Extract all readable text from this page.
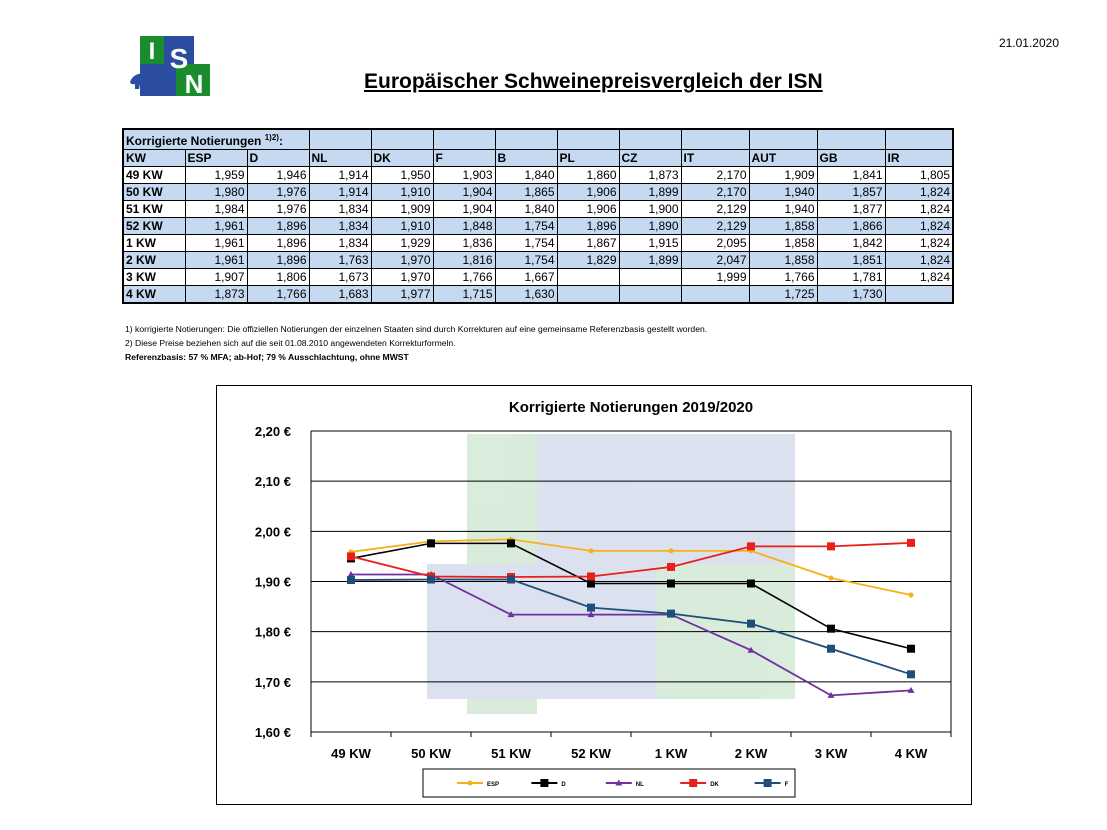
21.01.2020
I S
N	Europäischer Schweinepreisvergleich der ISN
Korrigierte Notierungen $^{1)2)}$:												
KW	ESP	D	NL	DK	F	B	PL	CZ	IT	AUT	GB	IR
49 KW	1,959	1,946	1,914	1,950	1,903	1,840	1,860	1,873	2,170	1,909	1,841	1,805
50 KW	1,980	1,976	1,914	1,910	1,904	1,865	1,906	1,899	2,170	1,940	1,857	1,824
51 KW	1,984	1,976	1,834	1,909	1,904	1,840	1,906	1,900	2,129	1,940	1,877	1,824
52 KW	1,961	1,896	1,834	1,910	1,848	1,754	1,896	1,890	2,129	1,858	1,866	1,824
1 KW	1,961	1,896	1,834	1,929	1,836	1,754	1,867	1,915	2,095	1,858	1,842	1,824
2 KW	1,961	1,896	1,763	1,970	1,816	1,754	1,829	1,899	2,047	1,858	1,851	1,824
3 KW	1,907	1,806	1,673	1,970	1,766	1,667			1,999	1,766	1,781	1,824
4 KW	1,873	1,766	1,683	1,977	1,715	1,630				1,725	1,730	
1) korrigierte Notierungen: Die offiziellen Notierungen der einzelnen Staaten sind durch Korrekturen auf eine gemeinsame Referenzbasis gestellt worden.
2) Diese Preise beziehen sich auf die seit 01.08.2010 angewendeten Korrekturformeln.
Referenzbasis: 57 % MFA; ab-Hof; 79 % Ausschlachtung, ohne MWST
Korrigierte Notierungen 2019/2020
1,60 €
1,70 €
1,80 €
1,90 €
2,00 €
2,10 €
2,20 €
49 KW	50 KW	51 KW	52 KW	1 KW	2 KW	3 KW	4 KW
ESP	D	NL	DK	F
